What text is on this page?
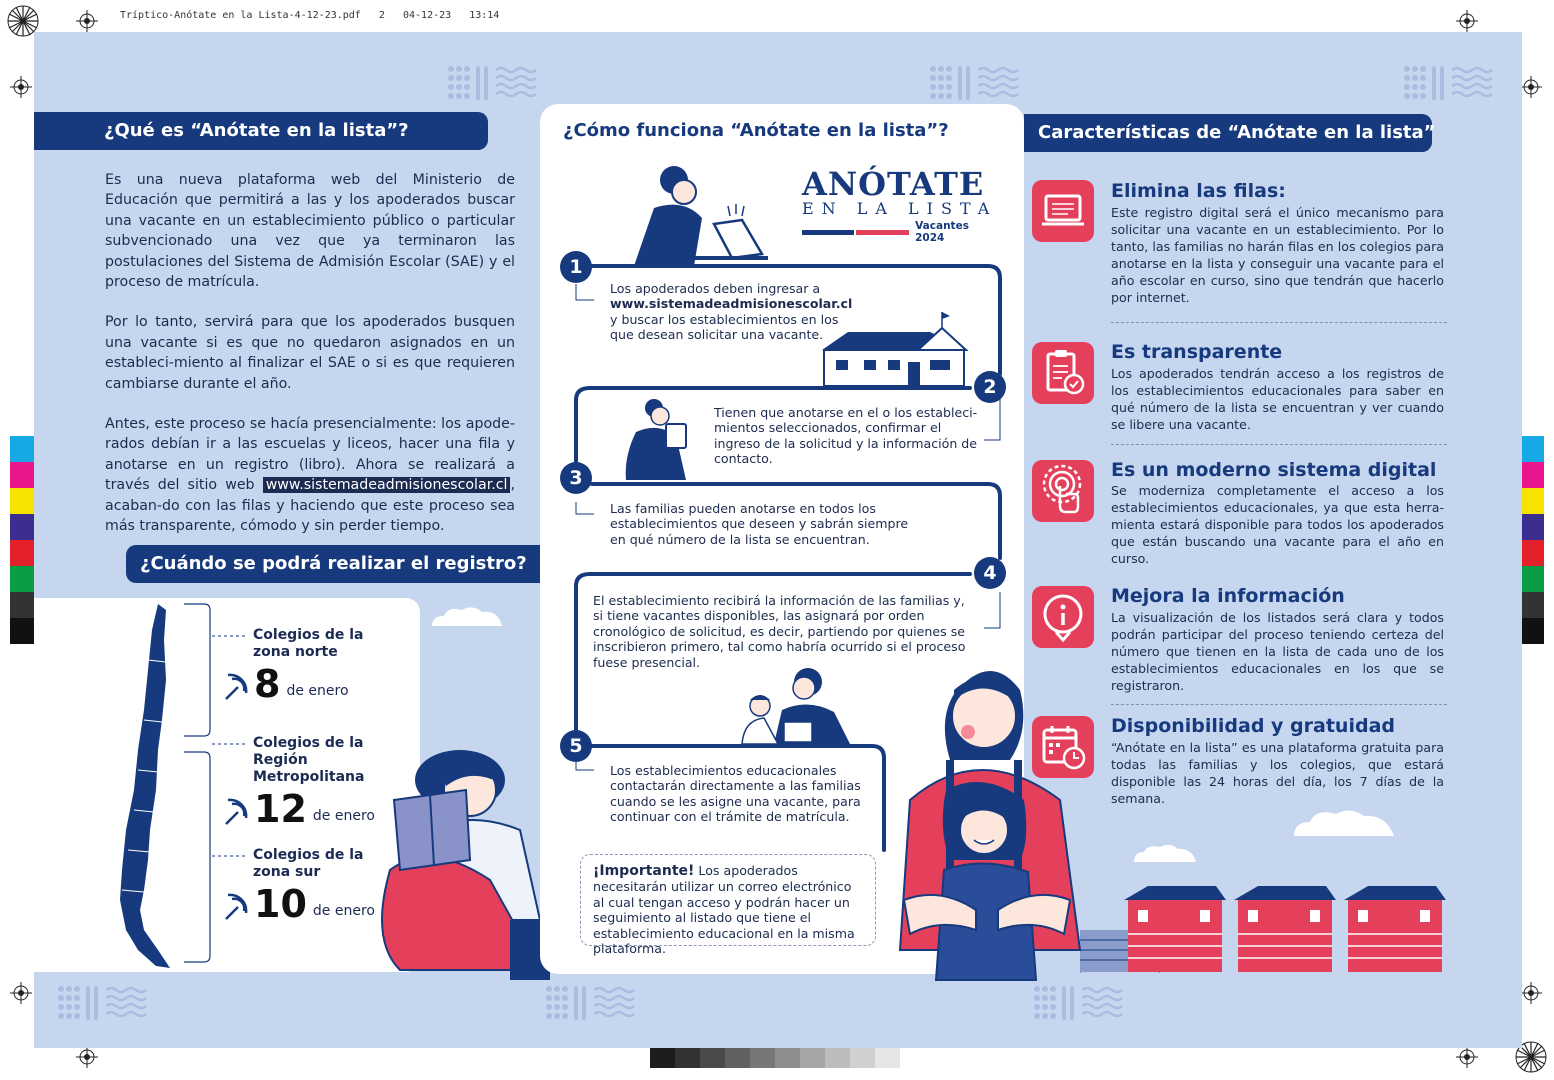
Tríptico-Anótate en la Lista-4-12-23.pdf 2 04-12-23 13:14
¿Qué es “Anótate en la lista”?

Es una nueva plataforma web del Ministerio de Educación que permitirá a las y los apoderados buscar una vacante en un establecimiento público o particular subvencionado una vez que ya terminaron las postulaciones del Sistema de Admisión Escolar (SAE) y el proceso de matrícula.

Por lo tanto, servirá para que los apoderados busquen una vacante si es que no quedaron asignados en un estableci-miento al finalizar el SAE o si es que requieren cambiarse durante el año.

Antes, este proceso se hacía presencialmente: los apode-rados debían ir a las escuelas y liceos, hacer una fila y anotarse en un registro (libro). Ahora se realizará a través del sitio web www.sistemadeadmisionescolar.cl , acaban-do con las filas y haciendo que este proceso sea más transparente, cómodo y sin perder tiempo.

¿Cuándo se podrá realizar el registro?
Colegios de la zona norte
8 de enero
Colegios de la Región Metropolitana
12 de enero
Colegios de la zona sur
10 de enero
¿Cómo funciona “Anótate en la lista”?
ANÓTATE
EN LA LISTA
Vacantes 2024
1
2
3
4
5
Los apoderados deben ingresar a
www.sistemadeadmisionescolar.cl
y buscar los establecimientos en los que desean solicitar una vacante.
Tienen que anotarse en el o los estableci-mientos seleccionados, confirmar el ingreso de la solicitud y la información de contacto.
Las familias pueden anotarse en todos los establecimientos que deseen y sabrán siempre en qué número de la lista se encuentran.
El establecimiento recibirá la información de las familias y, si tiene vacantes disponibles, las asignará por orden cronológico de solicitud, es decir, partiendo por quienes se inscribieron primero, tal como habría ocurrido si el proceso fuese presencial.
Los establecimientos educacionales contactarán directamente a las familias cuando se les asigne una vacante, para continuar con el trámite de matrícula.
¡Importante! Los apoderados necesitarán utilizar un correo electrónico al cual tengan acceso y podrán hacer un seguimiento al listado que tiene el establecimiento educacional en la misma plataforma.
Características de “Anótate en la lista”
Elimina las filas:
Este registro digital será el único mecanismo para solicitar una vacante en un establecimiento. Por lo tanto, las familias no harán filas en los colegios para anotarse en la lista y conseguir una vacante para el año escolar en curso, sino que tendrán que hacerlo por internet.
Es transparente
Los apoderados tendrán acceso a los registros de los establecimientos educacionales para saber en qué número de la lista se encuentran y ver cuando se libere una vacante.
Es un moderno sistema digital
Se moderniza completamente el acceso a los establecimientos educacionales, ya que esta herra-mienta estará disponible para todos los apoderados que están buscando una vacante para el año en curso.
Mejora la información
La visualización de los listados será clara y todos podrán participar del proceso teniendo certeza del número que tienen en la lista de cada uno de los establecimientos educacionales en los que se registraron.
Disponibilidad y gratuidad
“Anótate en la lista” es una plataforma gratuita para todas las familias y los colegios, que estará disponible las 24 horas del día, los 7 días de la semana.
